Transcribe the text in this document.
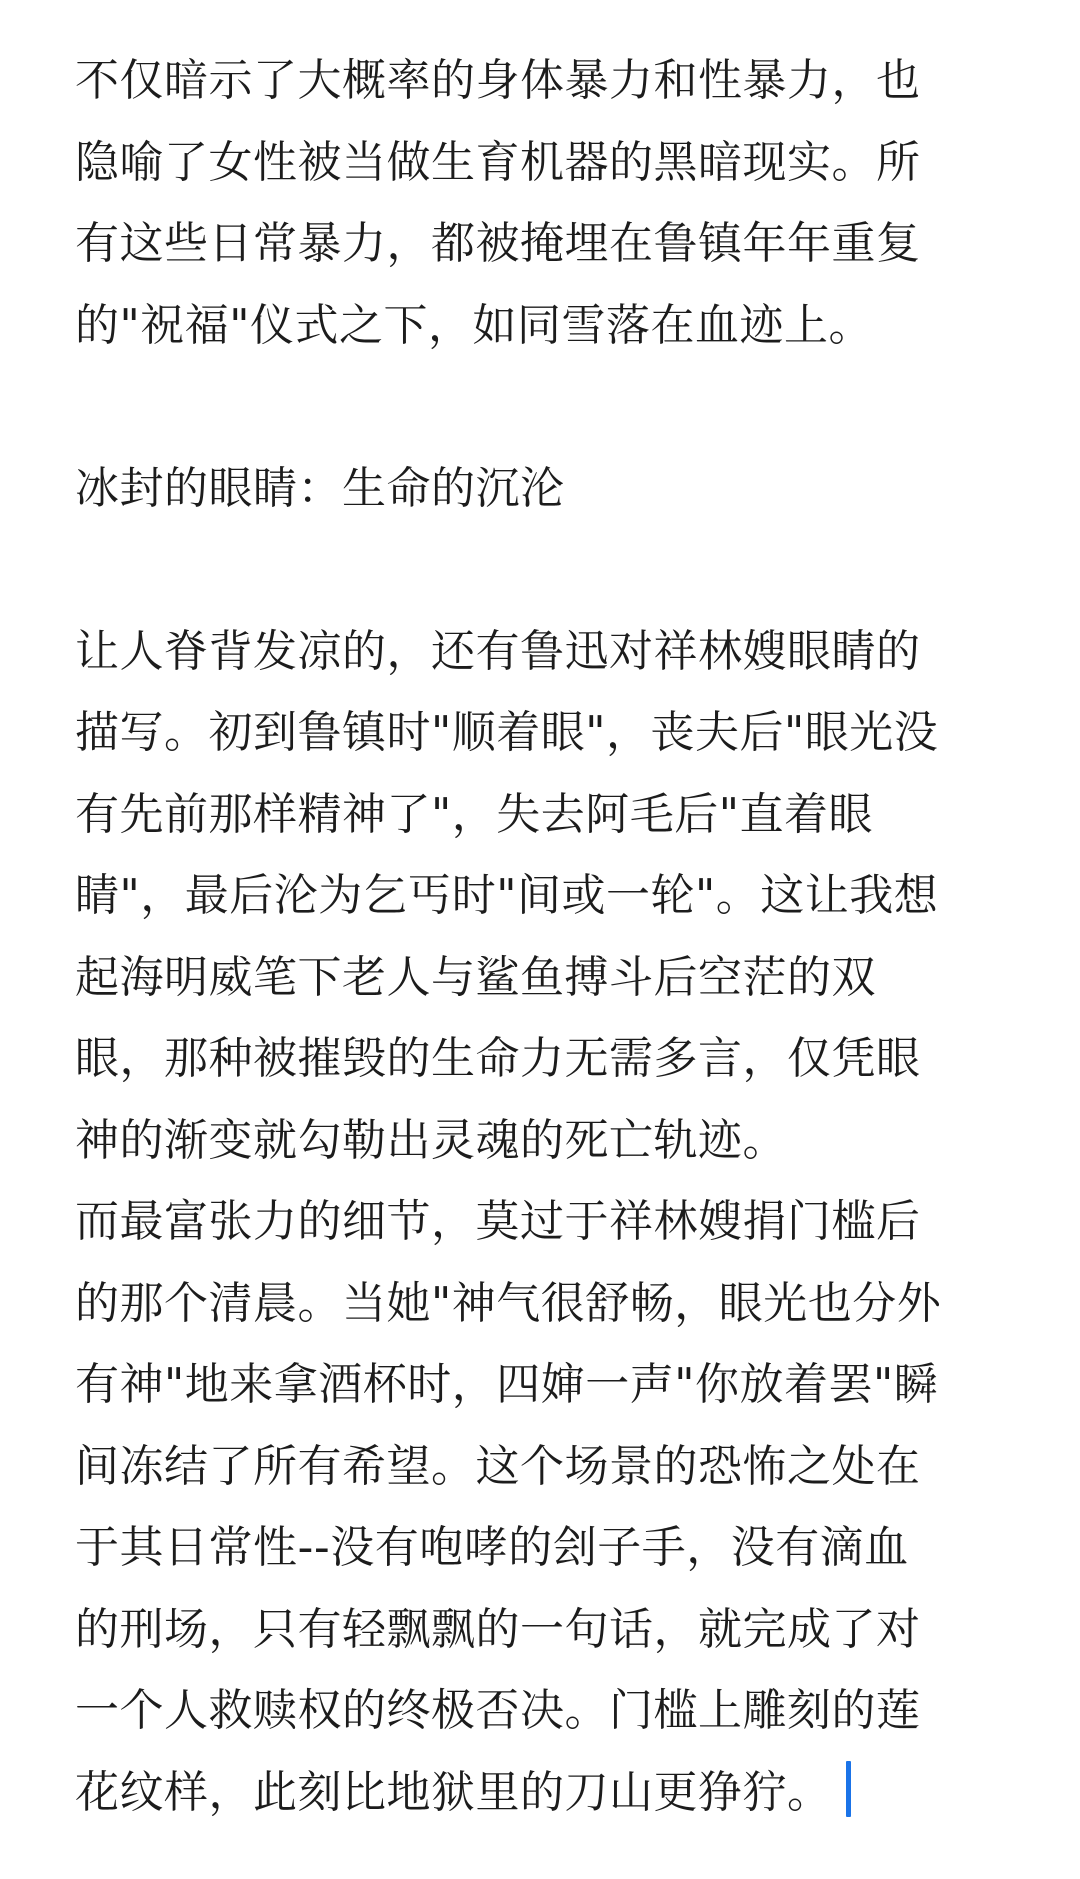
不仅暗示了大概率的身体暴力和性暴力，也
隐喻了女性被当做生育机器的黑暗现实。所
有这些日常暴力，都被掩埋在鲁镇年年重复
的"祝福"仪式之下，如同雪落在血迹上。
冰封的眼睛：生命的沉沦
让人脊背发凉的，还有鲁迅对祥林嫂眼睛的
描写。初到鲁镇时"顺着眼"，丧夫后"眼光没
有先前那样精神了"，失去阿毛后"直着眼
睛"，最后沦为乞丐时"间或一轮"。这让我想
起海明威笔下老人与鲨鱼搏斗后空茫的双
眼，那种被摧毁的生命力无需多言，仅凭眼
神的渐变就勾勒出灵魂的死亡轨迹。
而最富张力的细节，莫过于祥林嫂捐门槛后
的那个清晨。当她"神气很舒畅，眼光也分外
有神"地来拿酒杯时，四婶一声"你放着罢"瞬
间冻结了所有希望。这个场景的恐怖之处在
于其日常性--没有咆哮的刽子手，没有滴血
的刑场，只有轻飘飘的一句话，就完成了对
一个人救赎权的终极否决。门槛上雕刻的莲
花纹样，此刻比地狱里的刀山更狰狞。
